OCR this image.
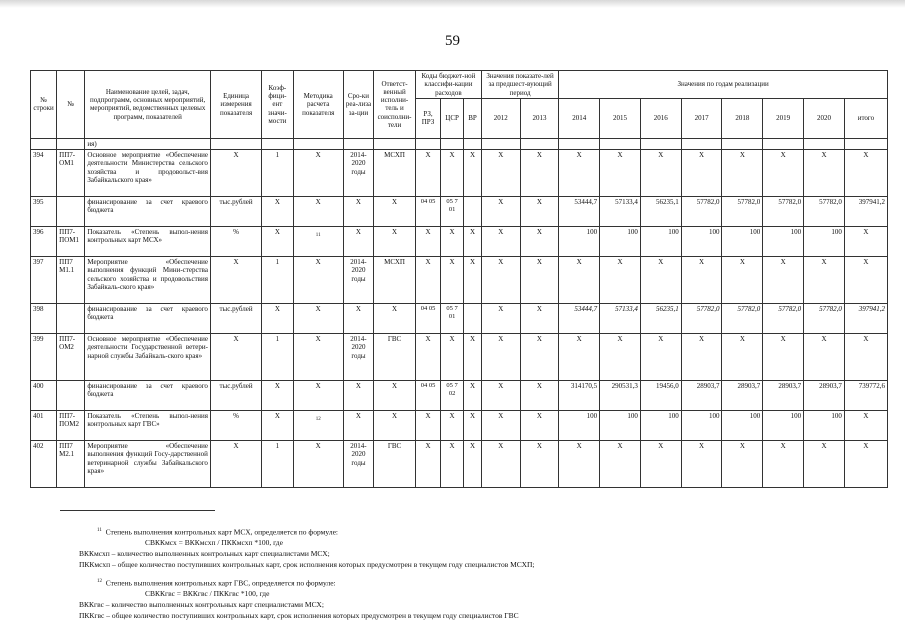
59
№ строки	№	Наименование целей, задач, подпрограмм, основных мероприятий, мероприятий, ведомственных целевых программ, показателей	Единица измерения показателя	Коэф-фици-ент значи-мости	Методика расчета показателя	Сро-ки реа-лиза за-ции	Ответст-венный исполни-тель и соисполни-тели	Коды бюджет-ной классифи-кации расходов			Значения показате-лей за предшест-вующий период		Значения по годам реализации							
								РЗ, ПРЗ	ЦСР	ВР	2012	2013	2014	2015	2016	2017	2018	2019	2020	итого
		ия)																		
394	ПП7-ОМ1	Основное мероприятие «Обеспечение деятельности Министерства сельского хозяйства и продовольст-вия Забайкальского края»	Х	1	Х	2014-2020 годы	МСХП	Х	Х	Х	Х	Х	Х	Х	Х	Х	Х	Х	Х	Х
395		финансирование за счет краевого бюджета	тыс.рублей	Х	Х	Х	Х	04 05	05 7 01		Х	Х	53444,7	57133,4	56235,1	57782,0	57782,0	57782,0	57782,0	397941,2
396	ПП7-ПОМ1	Показатель «Степень выпол-нения контрольных карт МСХ»	%	Х	11	Х	Х	Х	Х	Х	Х	Х	100	100	100	100	100	100	100	Х
397	ПП7 М1.1	Мероприятие «Обеспечение выполнения функций Мини-стерства сельского хозяйства и продовольствия Забайкаль-ского края»	Х	1	Х	2014-2020 годы	МСХП	Х	Х	Х	Х	Х	Х	Х	Х	Х	Х	Х	Х	Х
398		финансирование за счет краевого бюджета	тыс.рублей	Х	Х	Х	Х	04 05	05 7 01		Х	Х	53444,7	57133,4	56235,1	57782,0	57782,0	57782,0	57782,0	397941,2
399	ПП7-ОМ2	Основное мероприятие «Обеспечение деятельности Государственной ветери-нарной службы Забайкаль-ского края»	Х	1	Х	2014-2020 годы	ГВС	Х	Х	Х	Х	Х	Х	Х	Х	Х	Х	Х	Х	Х
400		финансирование за счет краевого бюджета	тыс.рублей	Х	Х	Х	Х	04 05	05 7 02	Х	Х	Х	314170,5	290531,3	19456,0	28903,7	28903,7	28903,7	28903,7	739772,6
401	ПП7-ПОМ2	Показатель «Степень выпол-нения контрольных карт ГВС»	%	Х	12	Х	Х	Х	Х	Х	Х	Х	100	100	100	100	100	100	100	Х
402	ПП7 М2.1	Мероприятие «Обеспечение выполнения функций Госу-дарственной ветеринарной службы Забайкальского края»	Х	1	Х	2014-2020 годы	ГВС	Х	Х	Х	Х	Х	Х	Х	Х	Х	Х	Х	Х	Х

$^{11}$ Степень выполнения контрольных карт МСХ, определяется по формуле:

СВККмсх = ВККмсхп / ПККмсхп *100, где

ВККмсхп – количество выполненных контрольных карт специалистами МСХ;

ПККмсхп – общее количество поступивших контрольных карт, срок исполнения которых предусмотрен в текущем году специалистов МСХП;

$^{12}$ Степень выполнения контрольных карт ГВС, определяется по формуле:

СВККгвс = ВККгвс / ПККгвс *100, где

ВККгвс – количество выполненных контрольных карт специалистами МСХ;

ПККгвс – общее количество поступивших контрольных карт, срок исполнения которых предусмотрен в текущем году специалистов ГВС
